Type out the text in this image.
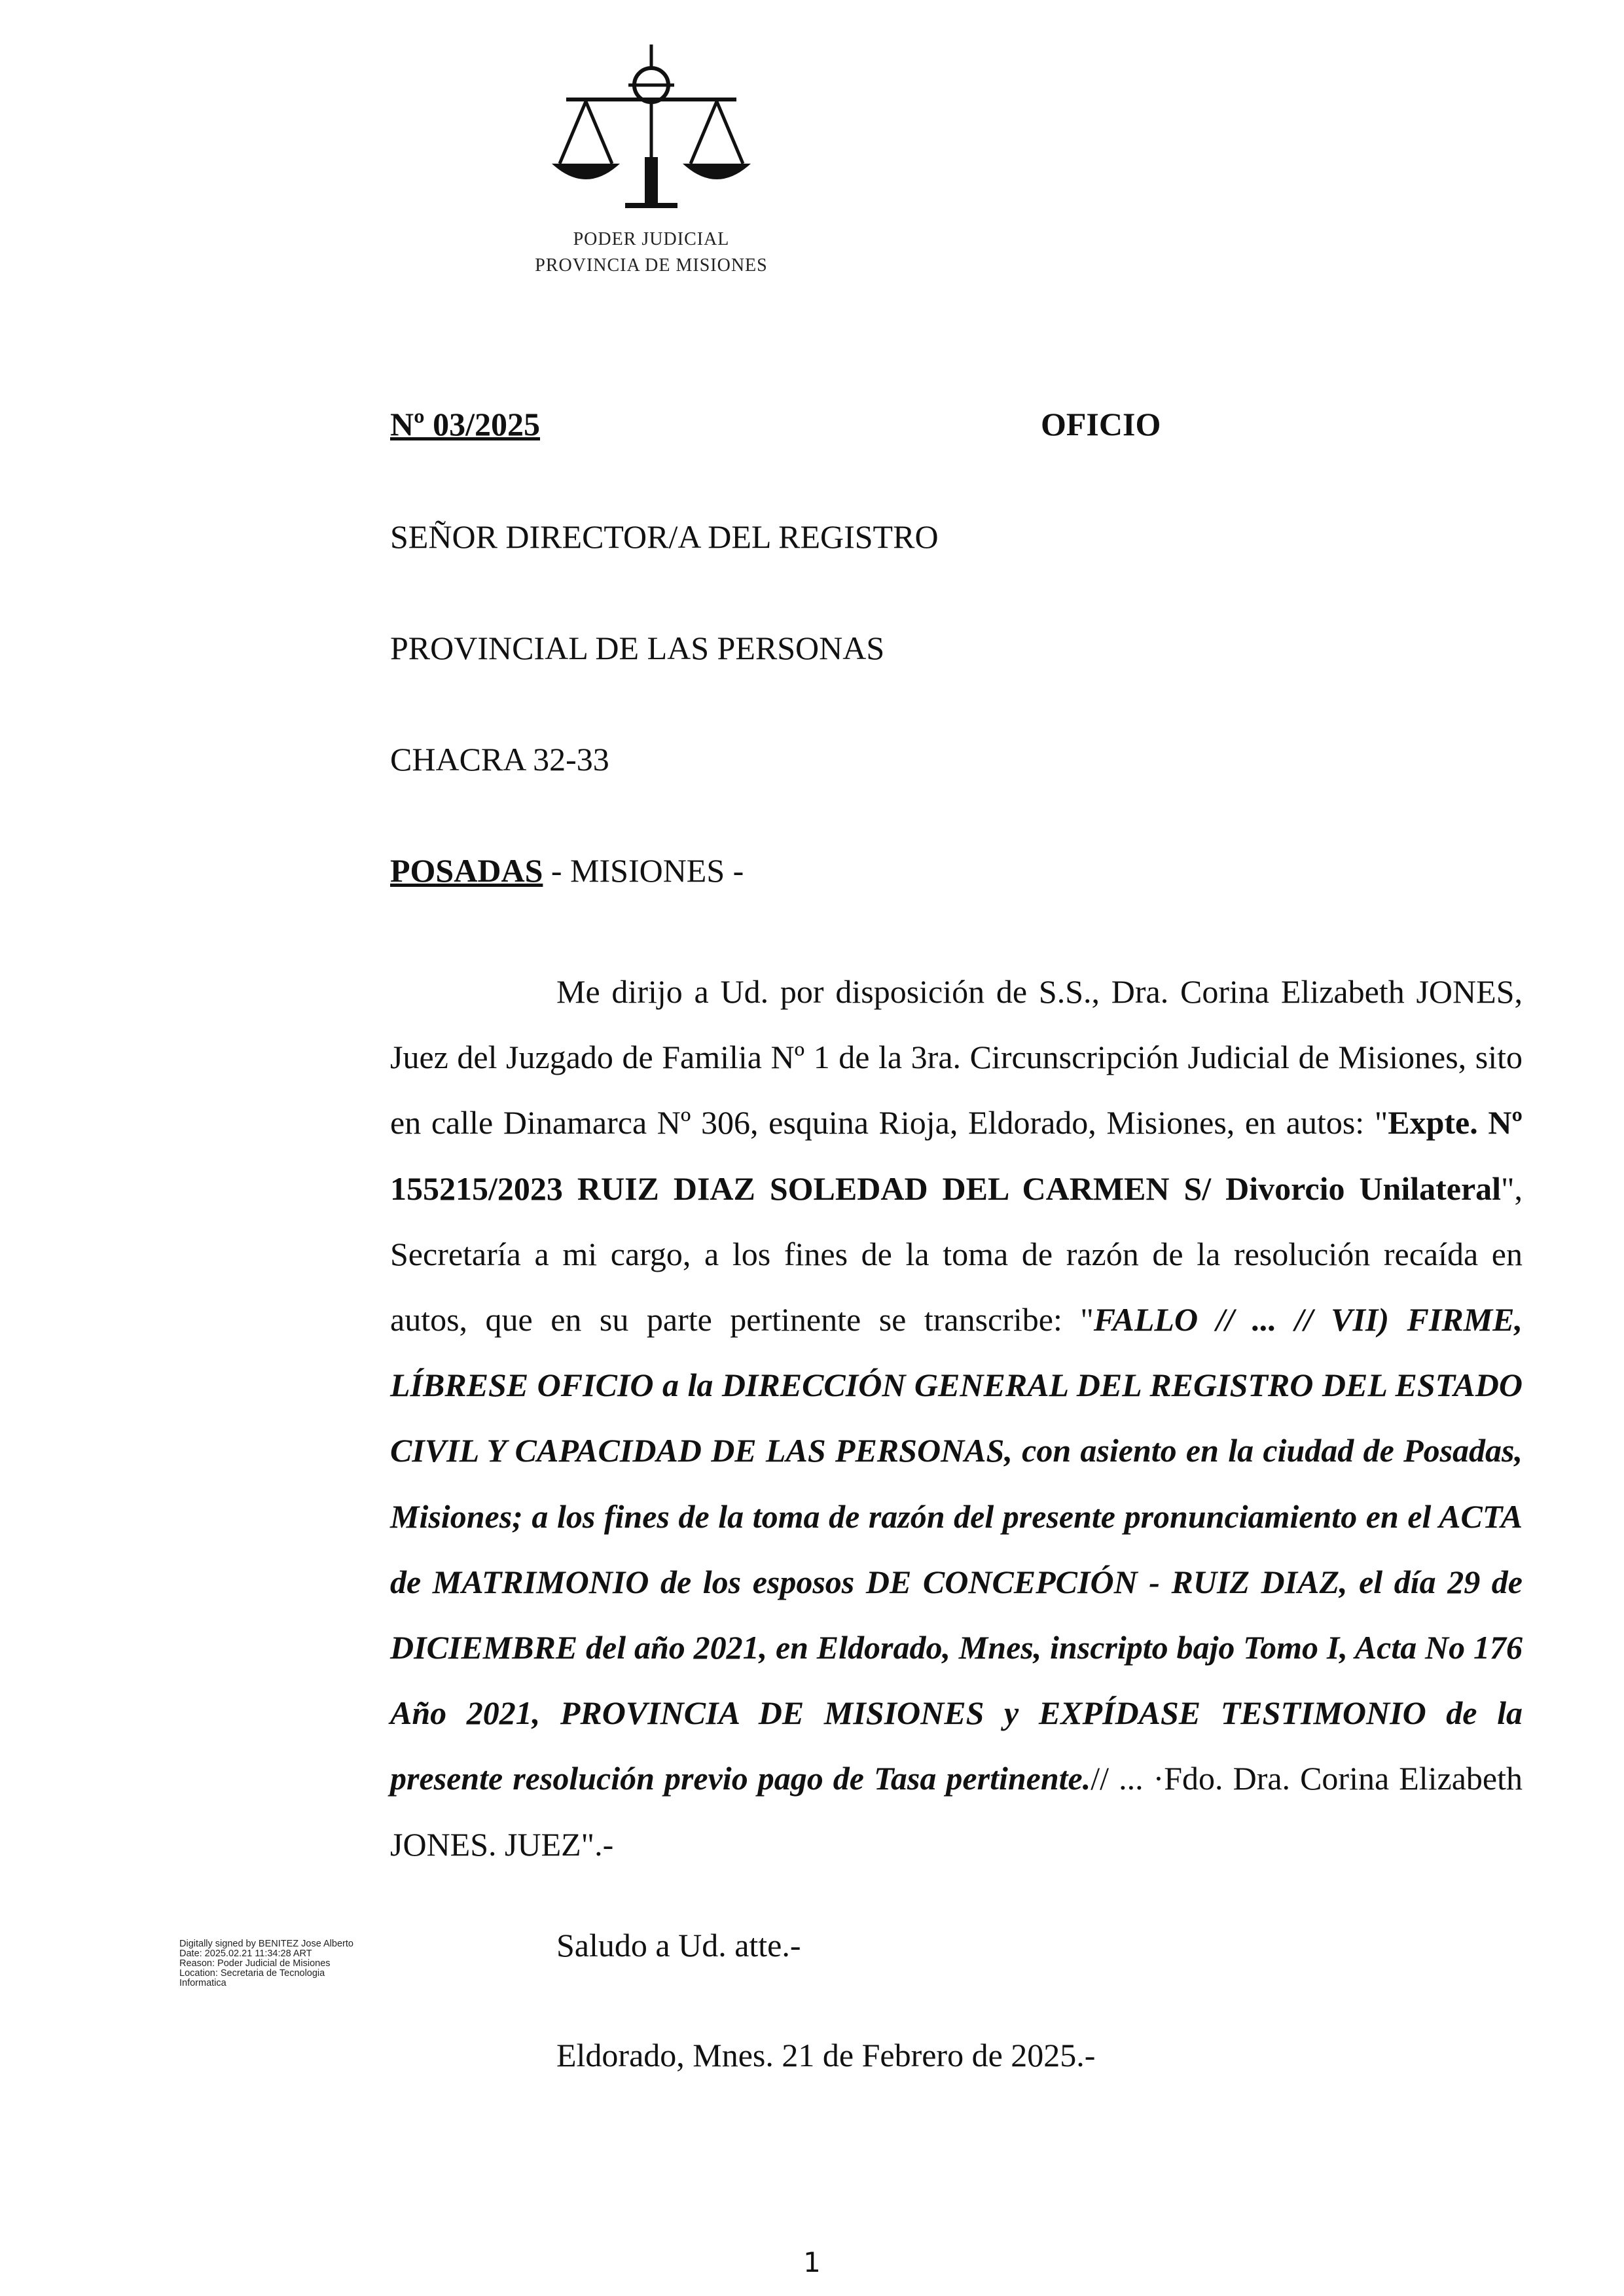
PODER JUDICIAL
PROVINCIA DE MISIONES
Nº 03/2025	OFICIO
SEÑOR DIRECTOR/A DEL REGISTRO
PROVINCIAL DE LAS PERSONAS
CHACRA 32-33
POSADAS - MISIONES -
Me dirijo a Ud. por disposición de S.S., Dra. Corina Elizabeth JONES, Juez del Juzgado de Familia Nº 1 de la 3ra. Circunscripción Judicial de Misiones, sito en calle Dinamarca Nº 306, esquina Rioja, Eldorado, Misiones, en autos: "Expte. Nº 155215/2023 RUIZ DIAZ SOLEDAD DEL CARMEN S/ Divorcio Unilateral", Secretaría a mi cargo, a los fines de la toma de razón de la resolución recaída en autos, que en su parte pertinente se transcribe: "FALLO // ... // VII) FIRME, LÍBRESE OFICIO a la DIRECCIÓN GENERAL DEL REGISTRO DEL ESTADO CIVIL Y CAPACIDAD DE LAS PERSONAS, con asiento en la ciudad de Posadas, Misiones; a los fines de la toma de razón del presente pronunciamiento en el ACTA de MATRIMONIO de los esposos DE CONCEPCIÓN - RUIZ DIAZ, el día 29 de DICIEMBRE del año 2021, en Eldorado, Mnes, inscripto bajo Tomo I, Acta No 176 Año 2021, PROVINCIA DE MISIONES y EXPÍDASE TESTIMONIO de la presente resolución previo pago de Tasa pertinente.// ... ·Fdo. Dra. Corina Elizabeth JONES. JUEZ".-
Saludo a Ud. atte.-
Eldorado, Mnes. 21 de Febrero de 2025.-
Digitally signed by BENITEZ Jose Alberto
Date: 2025.02.21 11:34:28 ART
Reason: Poder Judicial de Misiones
Location: Secretaria de Tecnologia
Informatica
1
